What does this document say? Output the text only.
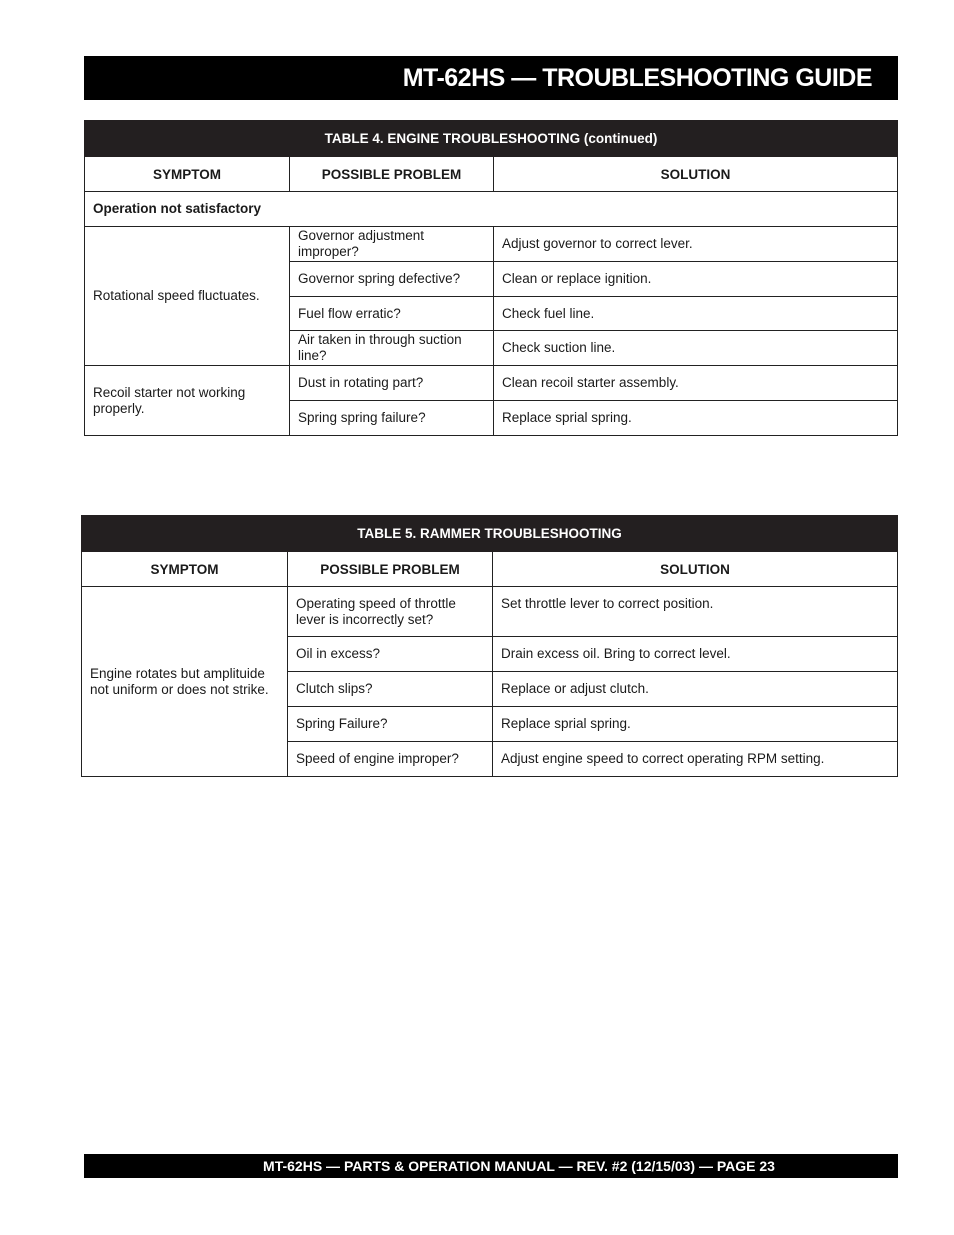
MT-62HS — TROUBLESHOOTING GUIDE
TABLE 4. ENGINE TROUBLESHOOTING (continued)		
SYMPTOM	POSSIBLE PROBLEM	SOLUTION
Operation not satisfactory		
Rotational speed fluctuates.	Governor adjustment improper?	Adjust governor to correct lever.
	Governor spring defective?	Clean or replace ignition.
	Fuel flow erratic?	Check fuel line.
	Air taken in through suction line?	Check suction line.
Recoil starter not working properly.	Dust in rotating part?	Clean recoil starter assembly.
	Spring spring failure?	Replace sprial spring.
TABLE 5. RAMMER TROUBLESHOOTING		
SYMPTOM	POSSIBLE PROBLEM	SOLUTION
Engine rotates but amplituide not uniform or does not strike.	Operating speed of throttle lever is incorrectly set?	Set throttle lever to correct position.
	Oil in excess?	Drain excess oil. Bring to correct level.
	Clutch slips?	Replace or adjust clutch.
	Spring Failure?	Replace sprial spring.
	Speed of engine improper?	Adjust engine speed to correct operating RPM setting.
MT-62HS — PARTS & OPERATION MANUAL — REV. #2 (12/15/03) — PAGE 23
